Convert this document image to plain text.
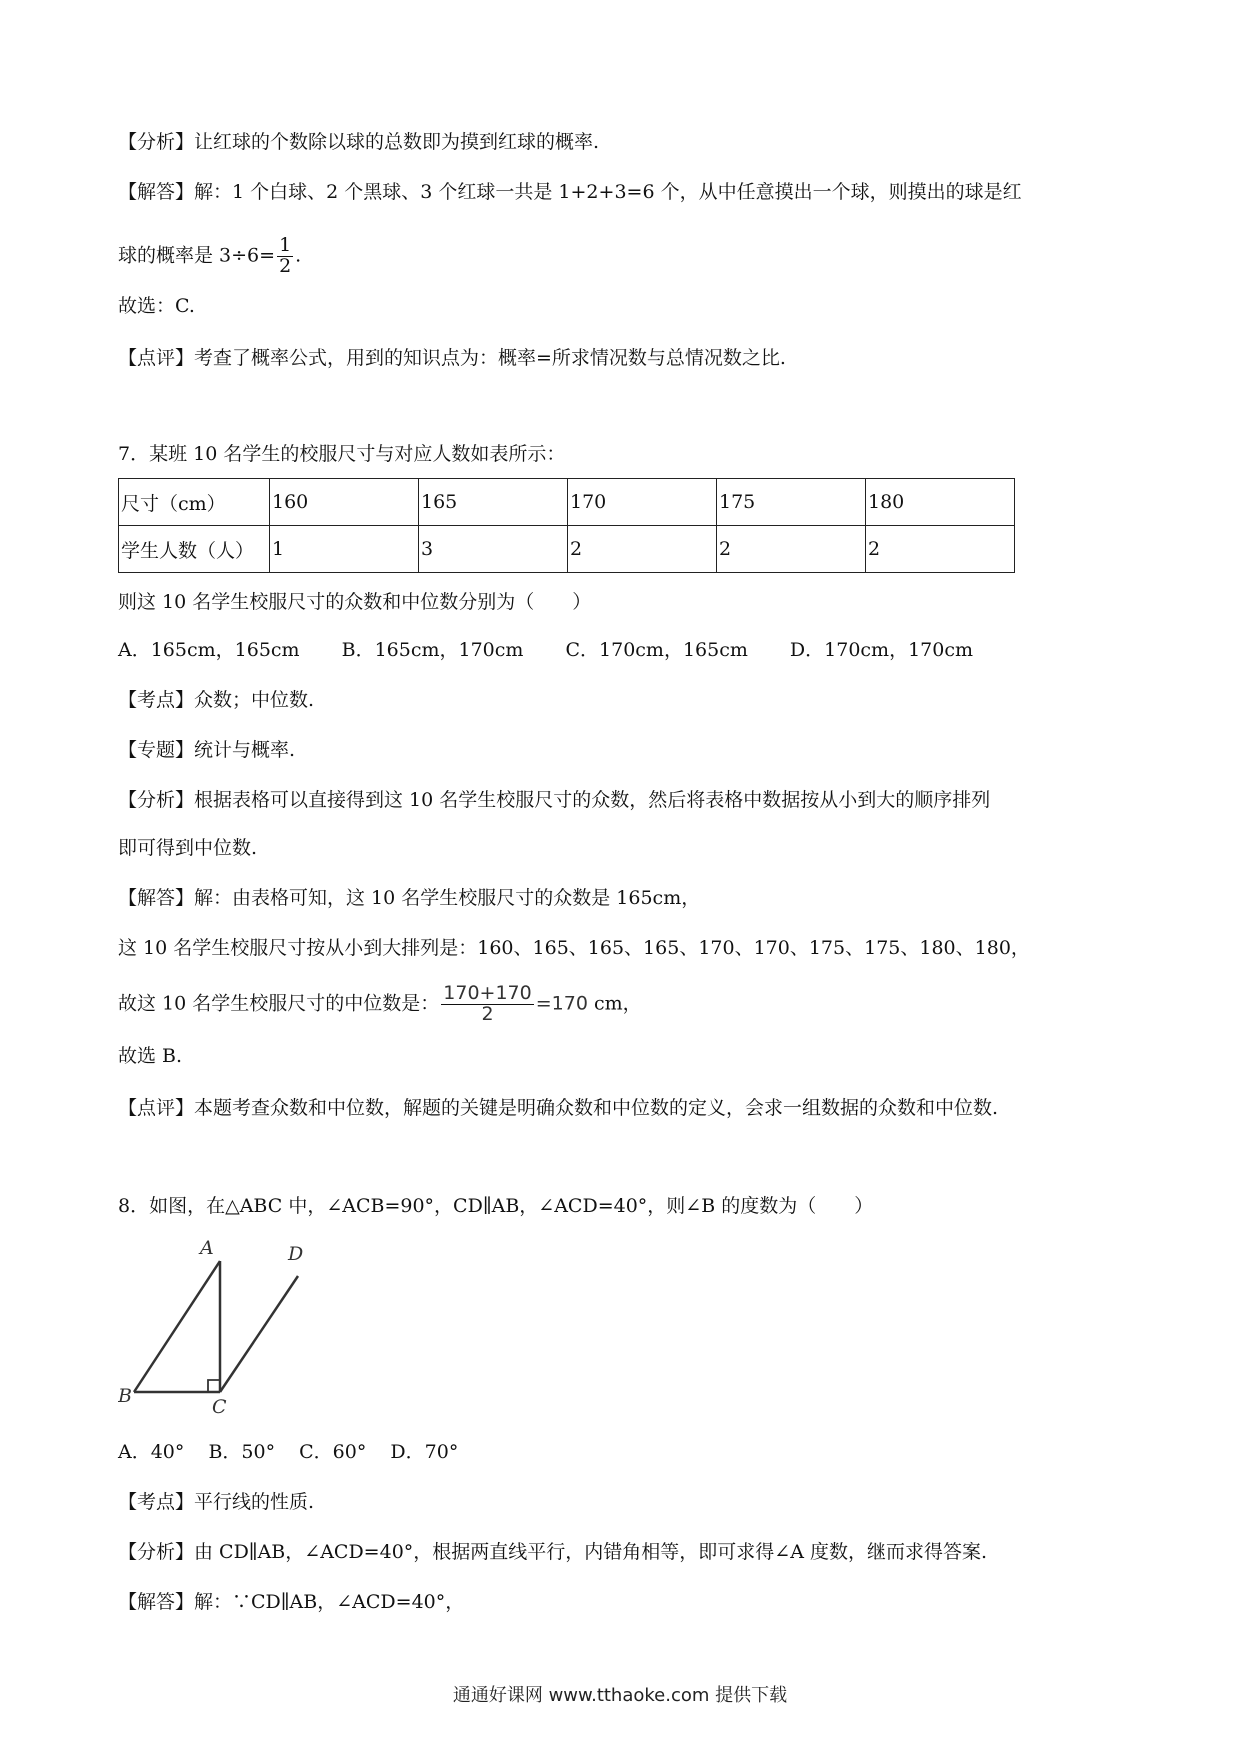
【分析】让红球的个数除以球的总数即为摸到红球的概率.
【解答】解：1 个白球、2 个黑球、3 个红球一共是 1+2+3=6 个，从中任意摸出一个球，则摸出的球是红
球的概率是 $3\div 6= \frac{1}{2}$ .
故选：C.
【点评】考查了概率公式，用到的知识点为：概率=所求情况数与总情况数之比.
7．某班 10 名学生的校服尺寸与对应人数如表所示：
尺寸（cm）	160	165	170	175	180
学生人数（人）	1	3	2	2	2
则这 10 名学生校服尺寸的众数和中位数分别为（　　）
A．165cm，165cm B．165cm，170cm C．170cm，165cm D．170cm，170cm
【考点】众数；中位数.
【专题】统计与概率.
【分析】根据表格可以直接得到这 10 名学生校服尺寸的众数，然后将表格中数据按从小到大的顺序排列
即可得到中位数.
【解答】解：由表格可知，这 10 名学生校服尺寸的众数是 165cm，
这 10 名学生校服尺寸按从小到大排列是：160、165、165、165、170、170、175、175、180、180，
故这 10 名学生校服尺寸的中位数是： $\frac{170+170}{2} =170$ cm，
故选 B.
【点评】本题考查众数和中位数，解题的关键是明确众数和中位数的定义，会求一组数据的众数和中位数.
8．如图，在△ABC 中，∠ACB=90°，CD∥AB，∠ACD=40°，则∠B 的度数为（　　）
A	D
B	C
A．40° B．50° C．60° D．70°
【考点】平行线的性质.
【分析】由 CD∥AB，∠ACD=40°，根据两直线平行，内错角相等，即可求得∠A 度数，继而求得答案.
【解答】解：∵CD∥AB，∠ACD=40°，
通通好课网 www.tthaoke.com 提供下载
